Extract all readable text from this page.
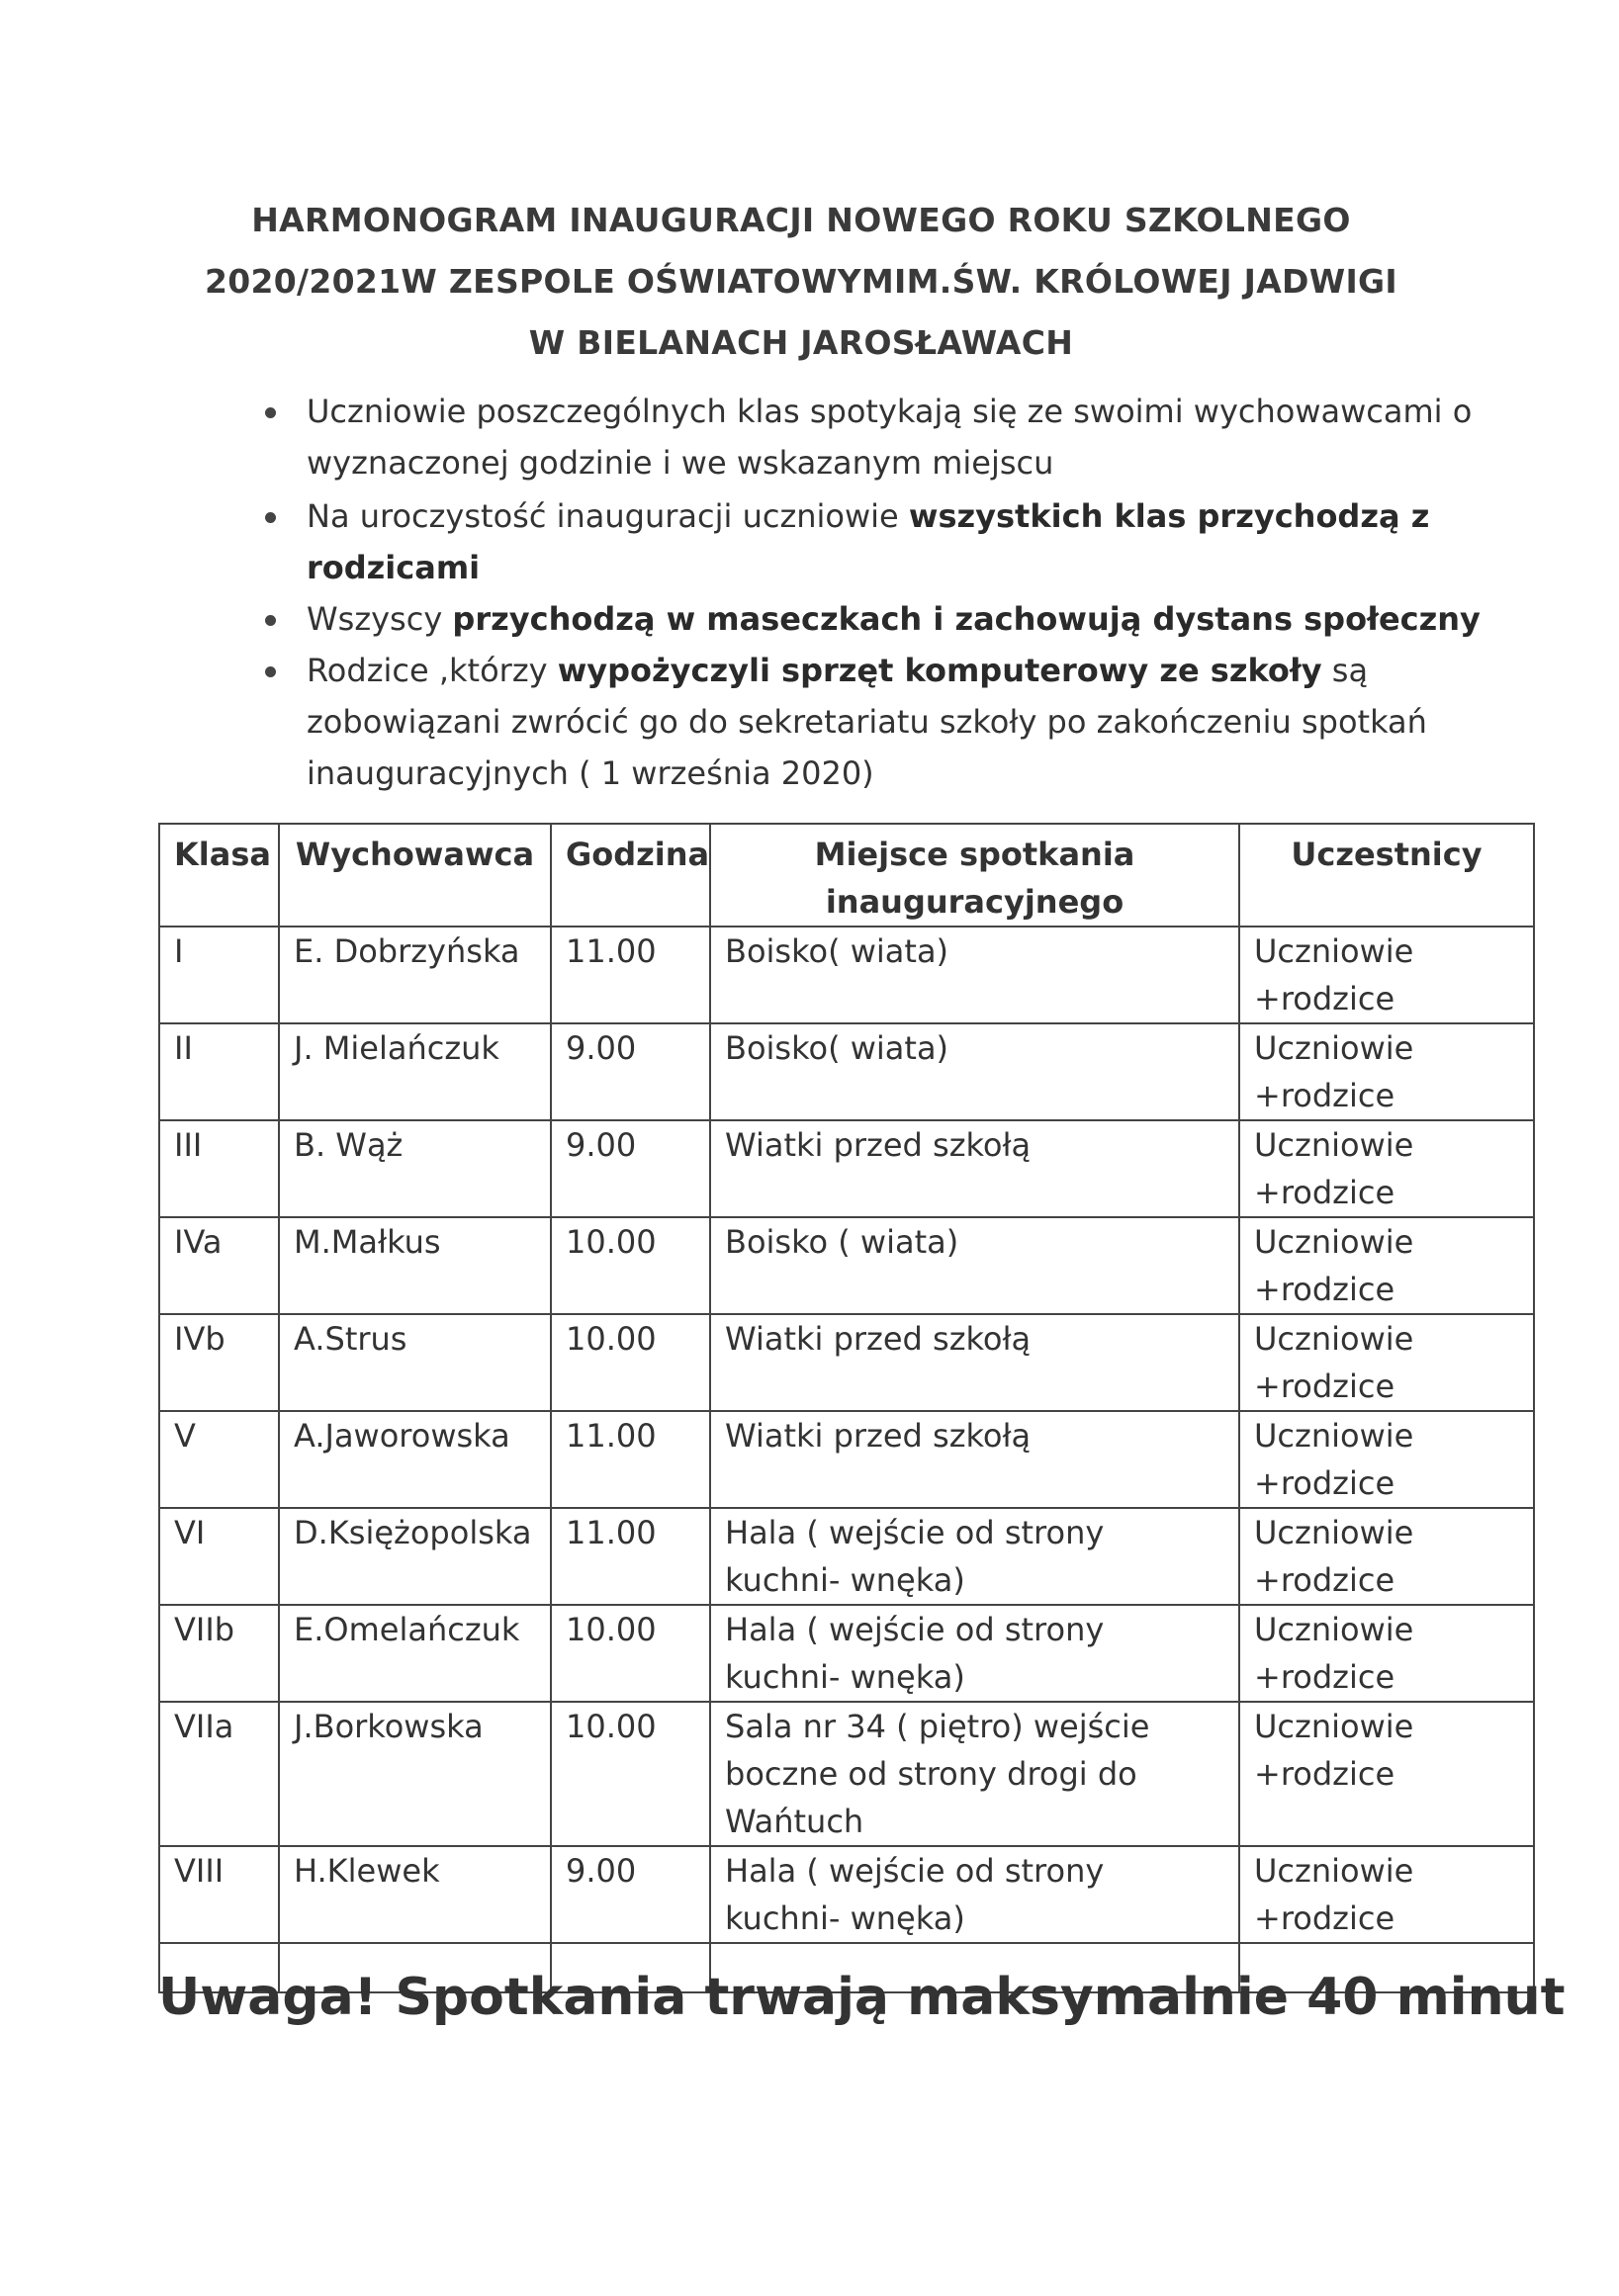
HARMONOGRAM INAUGURACJI NOWEGO ROKU SZKOLNEGO
2020/2021W ZESPOLE OŚWIATOWYMIM.ŚW. KRÓLOWEJ JADWIGI
W BIELANACH JAROSŁAWACH
Uczniowie poszczególnych klas spotykają się ze swoimi wychowawcami o wyznaczonej godzinie i we wskazanym miejscu
Na uroczystość inauguracji uczniowie wszystkich klas przychodzą z rodzicami
Wszyscy przychodzą w maseczkach i zachowują dystans społeczny
Rodzice ,którzy wypożyczyli sprzęt komputerowy ze szkoły są zobowiązani zwrócić go do sekretariatu szkoły po zakończeniu spotkań inauguracyjnych ( 1 września 2020)
Klasa	Wychowawca	Godzina	Miejsce spotkania inauguracyjnego	Uczestnicy
I	E. Dobrzyńska	11.00	Boisko( wiata)	Uczniowie +rodzice
II	J. Mielańczuk	9.00	Boisko( wiata)	Uczniowie +rodzice
III	B. Wąż	9.00	Wiatki przed szkołą	Uczniowie +rodzice
IVa	M.Małkus	10.00	Boisko ( wiata)	Uczniowie +rodzice
IVb	A.Strus	10.00	Wiatki przed szkołą	Uczniowie +rodzice
V	A.Jaworowska	11.00	Wiatki przed szkołą	Uczniowie +rodzice
VI	D.Księżopolska	11.00	Hala ( wejście od strony kuchni- wnęka)	Uczniowie +rodzice
VIIb	E.Omelańczuk	10.00	Hala ( wejście od strony kuchni- wnęka)	Uczniowie +rodzice
VIIa	J.Borkowska	10.00	Sala nr 34 ( piętro) wejście boczne od strony drogi do Wańtuch	Uczniowie +rodzice
VIII	H.Klewek	9.00	Hala ( wejście od strony kuchni- wnęka)	Uczniowie +rodzice

Uwaga! Spotkania trwają maksymalnie 40 minut
